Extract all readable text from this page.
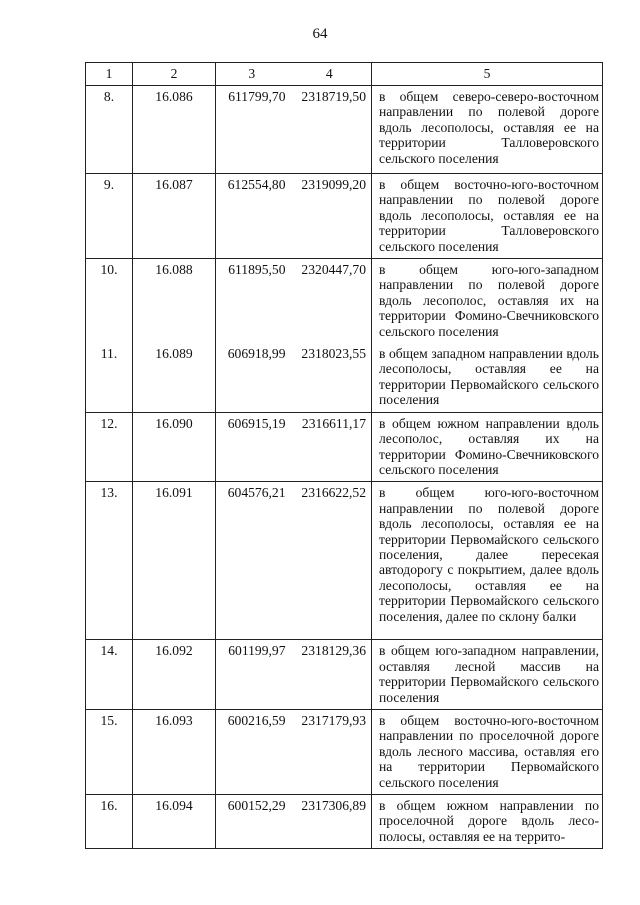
64
1	2	3	4	5
8.	16.086	611799,70	2318719,50	в общем северо-северо-восточном направлении по полевой дороге вдоль лесополосы, оставляя ее на территории Талловеровского сельского поселения
9.	16.087	612554,80	2319099,20	в общем восточно-юго-восточном направлении по полевой дороге вдоль лесополосы, оставляя ее на территории Талловеровского сельского поселения
10.	16.088	611895,50	2320447,70	в общем юго-юго-западном направлении по полевой дороге вдоль лесополос, оставляя их на территории Фомино-Свечниковского сельского поселения
11.	16.089	606918,99	2318023,55	в общем западном направлении вдоль лесополосы, оставляя ее на территории Первомайского сельского поселения
12.	16.090	606915,19	2316611,17	в общем южном направлении вдоль лесополос, оставляя их на территории Фомино-Свечниковского сельского поселения
13.	16.091	604576,21	2316622,52	в общем юго-юго-восточном направлении по полевой дороге вдоль лесополосы, оставляя ее на территории Первомайского сельского поселения, далее пересекая автодорогу с покрытием, далее вдоль лесополосы, оставляя ее на территории Первомайского сельского поселения, далее по склону балки
14.	16.092	601199,97	2318129,36	в общем юго-западном направлении, оставляя лесной массив на территории Первомайского сельского поселения
15.	16.093	600216,59	2317179,93	в общем восточно-юго-восточном направлении по проселочной дороге вдоль лесного массива, оставляя его на территории Первомайского сельского поселения
16.	16.094	600152,29	2317306,89	в общем южном направлении по проселочной дороге вдоль лесополосы, оставляя ее на террито-
